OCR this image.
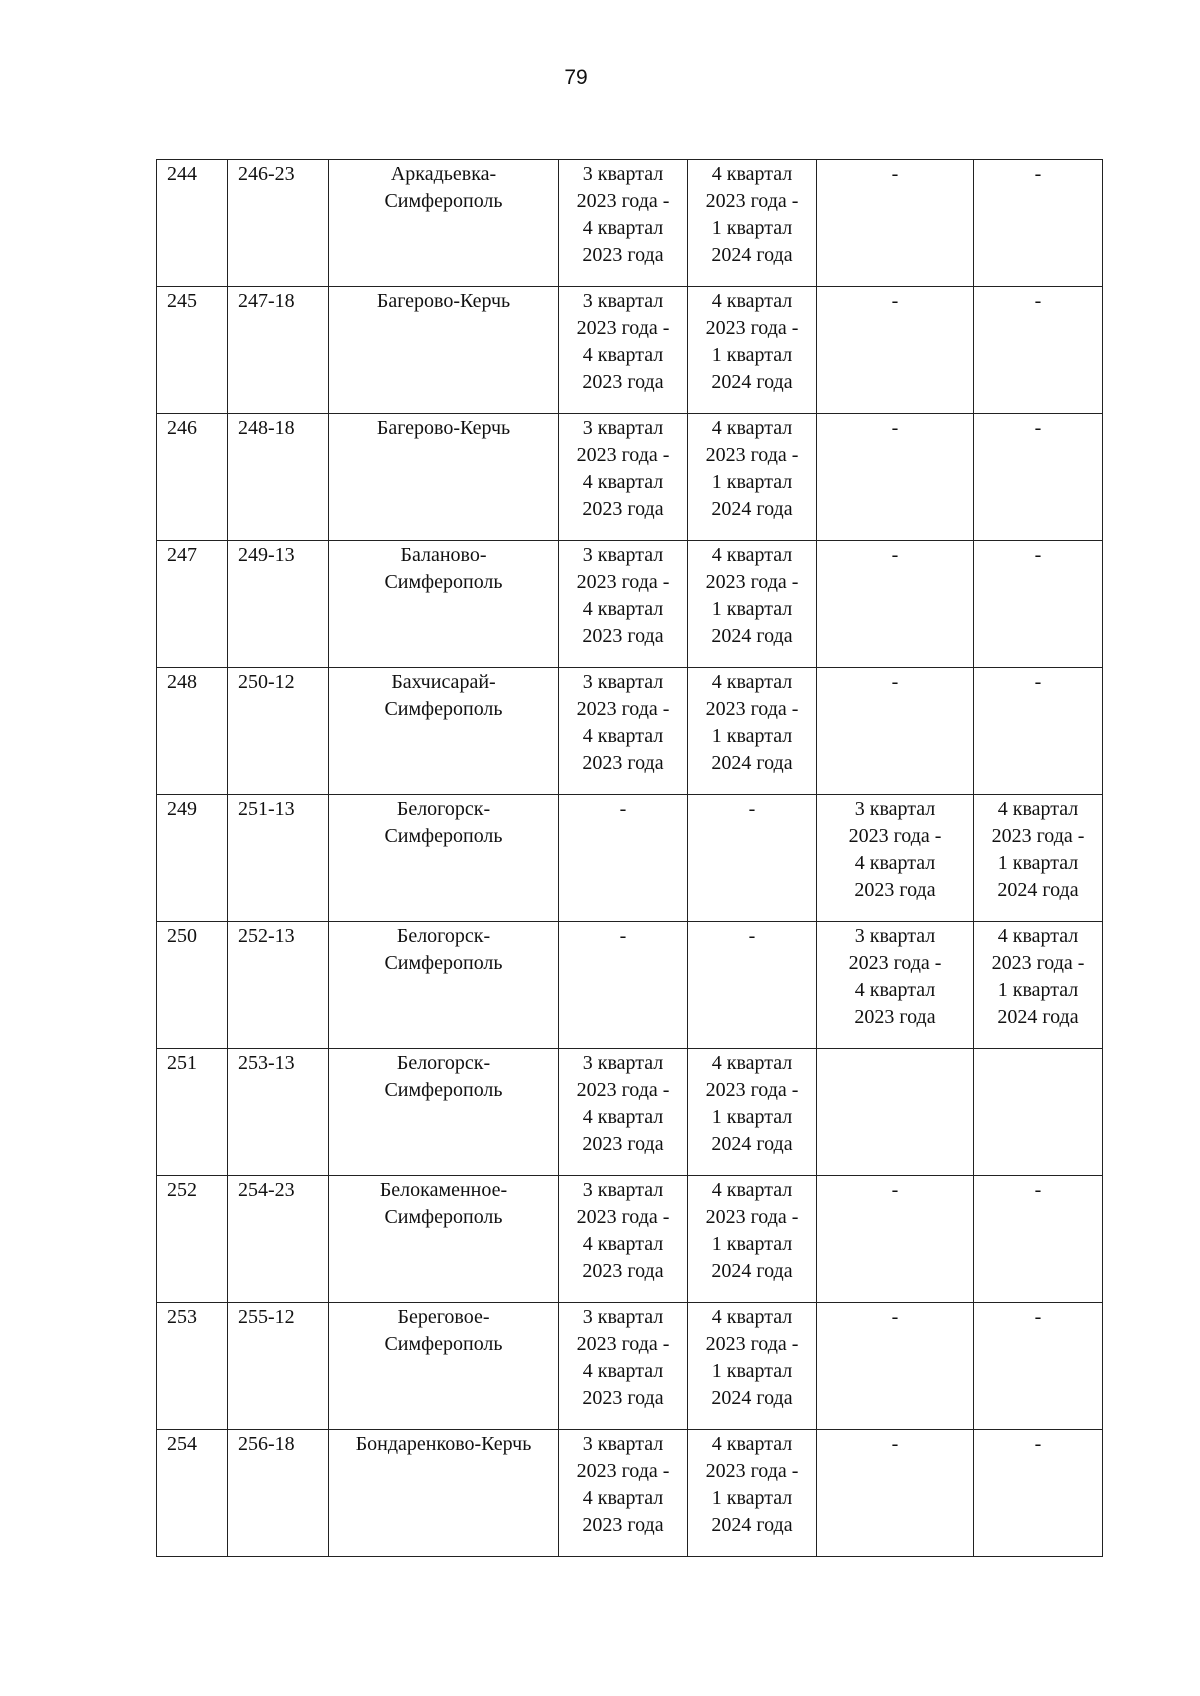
79
244	246-23	Аркадьевка-
Симферополь	3 квартал
2023 года -
4 квартал
2023 года	4 квартал
2023 года -
1 квартал
2024 года	-	-

245	247-18	Багерово-Керчь	3 квартал
2023 года -
4 квартал
2023 года	4 квартал
2023 года -
1 квартал
2024 года	-	-

246	248-18	Багерово-Керчь	3 квартал
2023 года -
4 квартал
2023 года	4 квартал
2023 года -
1 квартал
2024 года	-	-

247	249-13	Баланово-
Симферополь	3 квартал
2023 года -
4 квартал
2023 года	4 квартал
2023 года -
1 квартал
2024 года	-	-

248	250-12	Бахчисарай-
Симферополь	3 квартал
2023 года -
4 квартал
2023 года	4 квартал
2023 года -
1 квартал
2024 года	-	-

249	251-13	Белогорск-
Симферополь	-	-	3 квартал
2023 года -
4 квартал
2023 года	4 квартал
2023 года -
1 квартал
2024 года

250	252-13	Белогорск-
Симферополь	-	-	3 квартал
2023 года -
4 квартал
2023 года	4 квартал
2023 года -
1 квартал
2024 года

251	253-13	Белогорск-
Симферополь	3 квартал
2023 года -
4 квартал
2023 года	4 квартал
2023 года -
1 квартал
2024 года		

252	254-23	Белокаменное-
Симферополь	3 квартал
2023 года -
4 квартал
2023 года	4 квартал
2023 года -
1 квартал
2024 года	-	-

253	255-12	Береговое-
Симферополь	3 квартал
2023 года -
4 квартал
2023 года	4 квартал
2023 года -
1 квартал
2024 года	-	-

254	256-18	Бондаренково-Керчь	3 квартал
2023 года -
4 квартал
2023 года	4 квартал
2023 года -
1 квартал
2024 года	-	-
